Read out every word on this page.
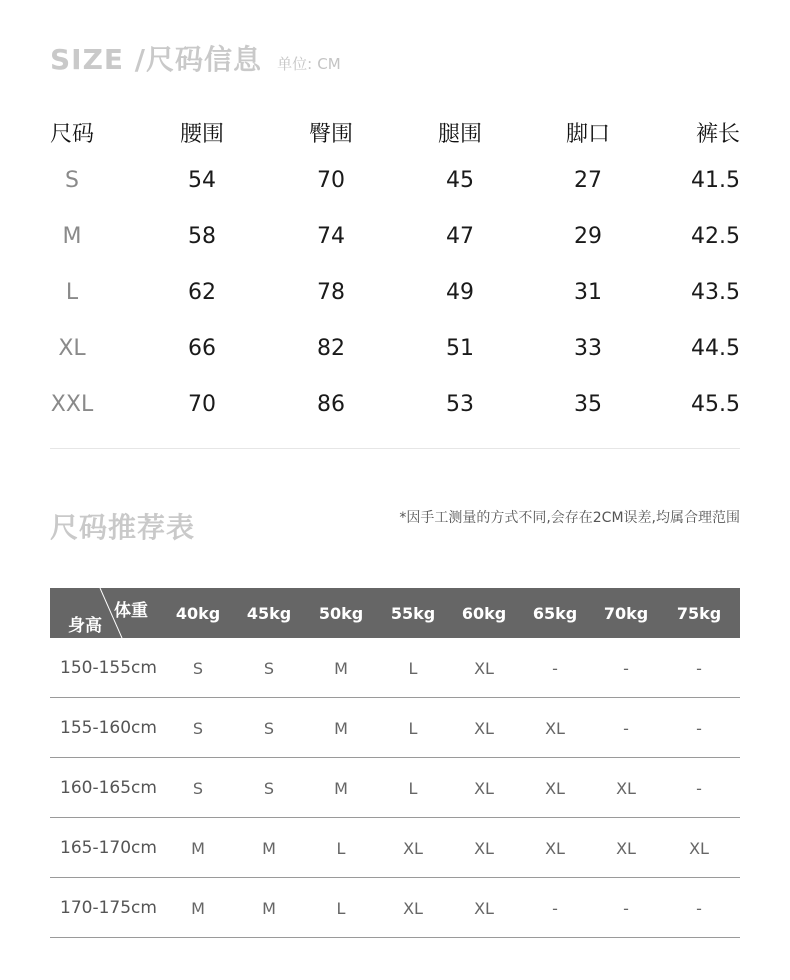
SIZE /尺码信息 单位: CM
尺码	腰围	臀围	腿围	脚口	裤长
S	54	70	45	27	41.5
M	58	74	47	29	42.5
L	62	78	49	31	43.5
XL	66	82	51	33	44.5
XXL	70	86	53	35	45.5
尺码推荐表	*因手工测量的方式不同,会存在2CM误差,均属合理范围
体重
身高
40kg	45kg	50kg	55kg	60kg	65kg	70kg	75kg
150-155cm	S	S	M	L	XL	-	-	-
155-160cm	S	S	M	L	XL	XL	-	-
160-165cm	S	S	M	L	XL	XL	XL	-
165-170cm	M	M	L	XL	XL	XL	XL	XL
170-175cm	M	M	L	XL	XL	-	-	-
